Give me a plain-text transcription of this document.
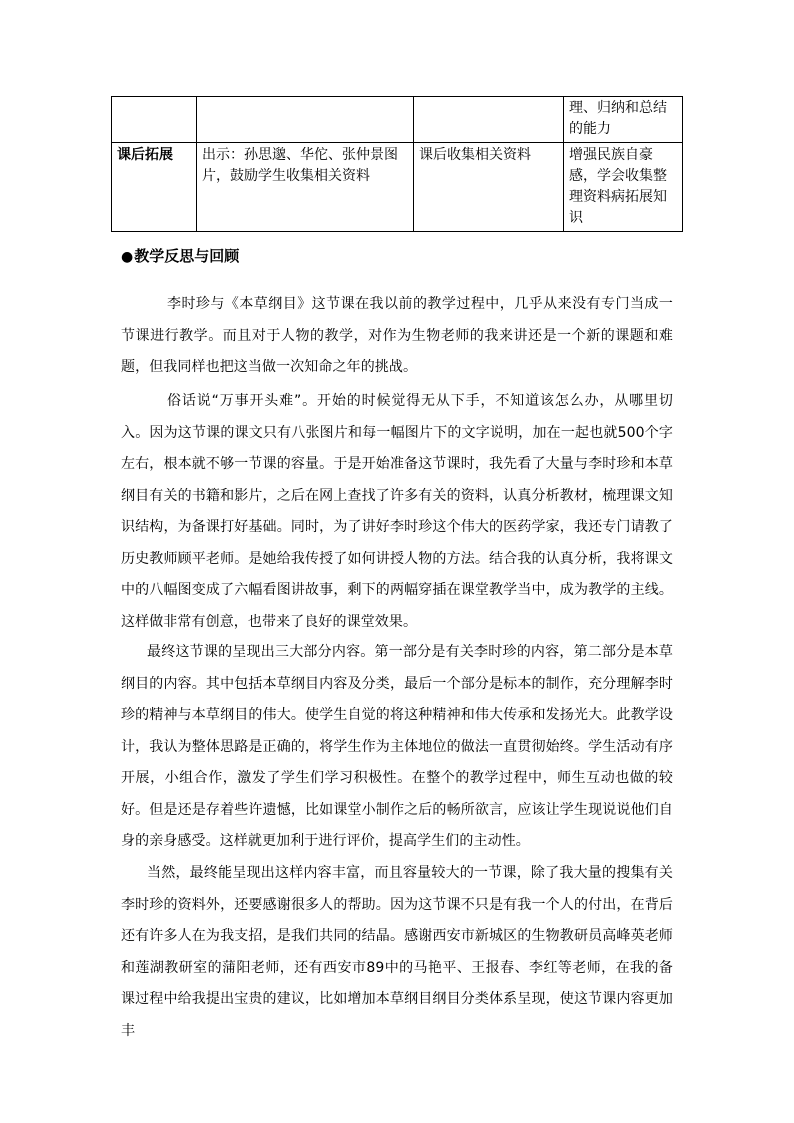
			理、归纳和总结的能力
课后拓展	出示：孙思邈、华佗、张仲景图片，鼓励学生收集相关资料	课后收集相关资料	增强民族自豪感，学会收集整理资料病拓展知识
●教学反思与回顾
李时珍与《本草纲目》这节课在我以前的教学过程中，几乎从来没有专门当成一节课进行教学。而且对于人物的教学，对作为生物老师的我来讲还是一个新的课题和难题，但我同样也把这当做一次知命之年的挑战。
俗话说“万事开头难”。开始的时候觉得无从下手，不知道该怎么办，从哪里切入。因为这节课的课文只有八张图片和每一幅图片下的文字说明，加在一起也就500个字左右，根本就不够一节课的容量。于是开始准备这节课时，我先看了大量与李时珍和本草纲目有关的书籍和影片，之后在网上查找了许多有关的资料，认真分析教材，梳理课文知识结构，为备课打好基础。同时，为了讲好李时珍这个伟大的医药学家，我还专门请教了历史教师顾平老师。是她给我传授了如何讲授人物的方法。结合我的认真分析，我将课文中的八幅图变成了六幅看图讲故事，剩下的两幅穿插在课堂教学当中，成为教学的主线。这样做非常有创意，也带来了良好的课堂效果。
最终这节课的呈现出三大部分内容。第一部分是有关李时珍的内容，第二部分是本草纲目的内容。其中包括本草纲目内容及分类，最后一个部分是标本的制作，充分理解李时珍的精神与本草纲目的伟大。使学生自觉的将这种精神和伟大传承和发扬光大。此教学设计，我认为整体思路是正确的，将学生作为主体地位的做法一直贯彻始终。学生活动有序开展，小组合作，激发了学生们学习积极性。在整个的教学过程中，师生互动也做的较好。但是还是存着些许遗憾，比如课堂小制作之后的畅所欲言，应该让学生现说说他们自身的亲身感受。这样就更加利于进行评价，提高学生们的主动性。
当然，最终能呈现出这样内容丰富，而且容量较大的一节课，除了我大量的搜集有关李时珍的资料外，还要感谢很多人的帮助。因为这节课不只是有我一个人的付出，在背后还有许多人在为我支招，是我们共同的结晶。感谢西安市新城区的生物教研员高峰英老师和莲湖教研室的蒲阳老师，还有西安市89中的马艳平、王报春、李红等老师，在我的备课过程中给我提出宝贵的建议，比如增加本草纲目纲目分类体系呈现，使这节课内容更加丰
